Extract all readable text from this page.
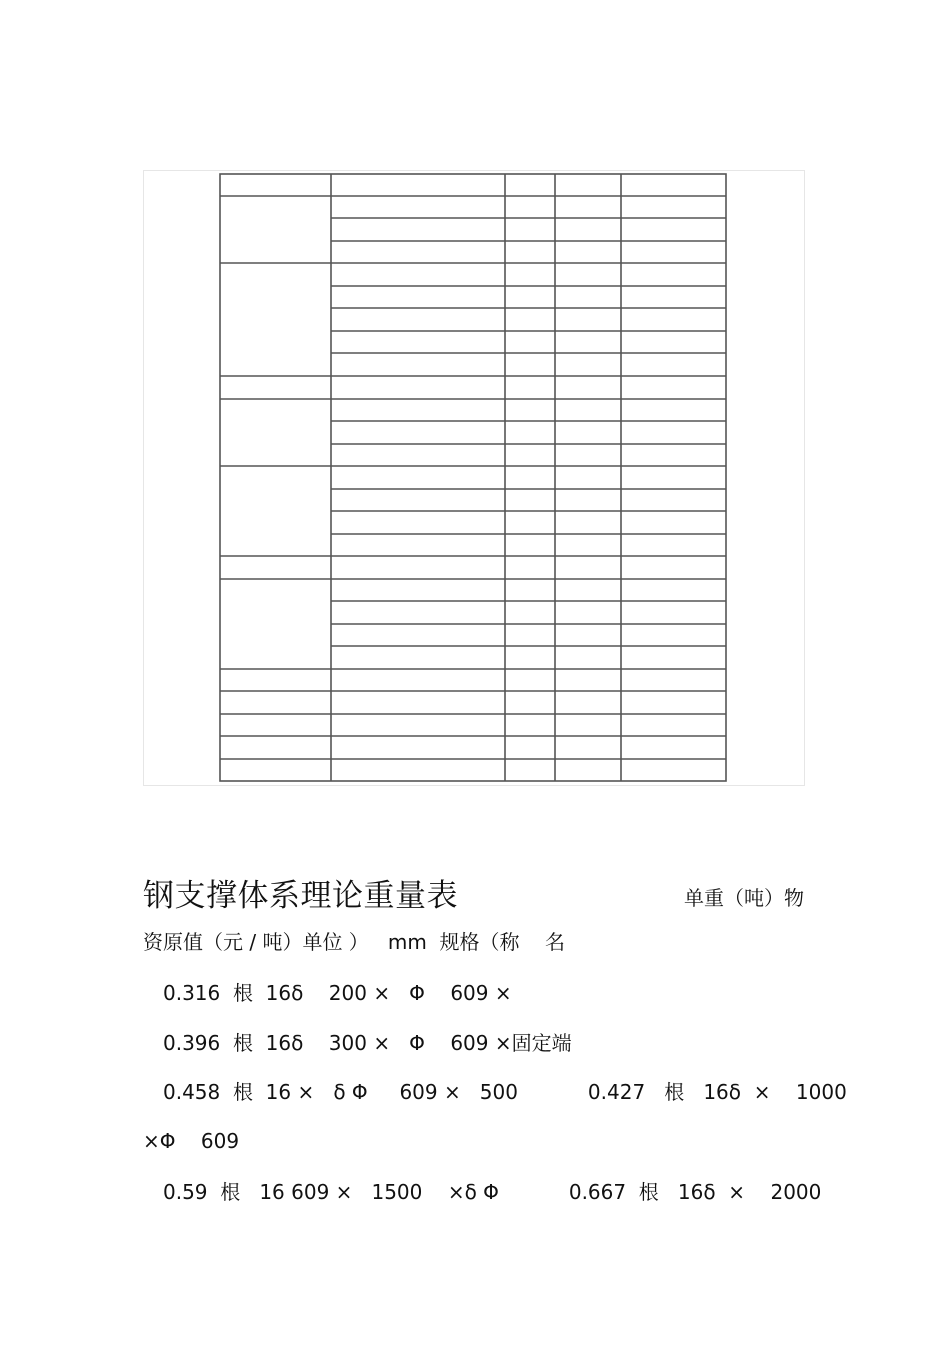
钢支撑体系理论重量表	单重（吨）物
资原值（元 / 吨）单位 ）   mm  规格（称    名
0.316  根  16δ    200 ×   Φ    609 ×
0.396  根  16δ    300 ×   Φ    609 ×固定端
0.458  根  16 ×   δ Φ     609 ×   500           0.427   根   16δ  ×    1000
×Φ    609
0.59  根   16 609 ×   1500    ×δ Φ           0.667  根   16δ  ×    2000
